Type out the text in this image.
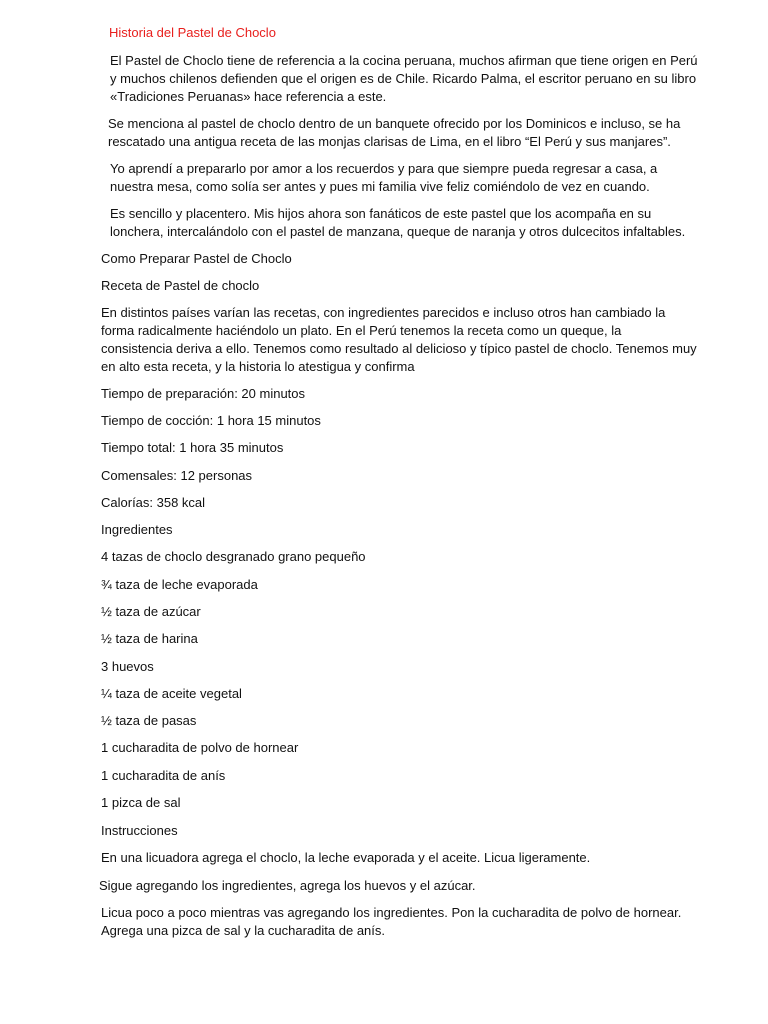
Historia del Pastel de Choclo

El Pastel de Choclo tiene de referencia a la cocina peruana, muchos afirman que tiene origen en Perú
y muchos chilenos defienden que el origen es de Chile. Ricardo Palma, el escritor peruano en su libro
«Tradiciones Peruanas» hace referencia a este.

Se menciona al pastel de choclo dentro de un banquete ofrecido por los Dominicos e incluso, se ha
rescatado una antigua receta de las monjas clarisas de Lima, en el libro “El Perú y sus manjares”.

Yo aprendí a prepararlo por amor a los recuerdos y para que siempre pueda regresar a casa, a
nuestra mesa, como solía ser antes y pues mi familia vive feliz comiéndolo de vez en cuando.

Es sencillo y placentero. Mis hijos ahora son fanáticos de este pastel que los acompaña en su
lonchera, intercalándolo con el pastel de manzana, queque de naranja y otros dulcecitos infaltables.

Como Preparar Pastel de Choclo

Receta de Pastel de choclo

En distintos países varían las recetas, con ingredientes parecidos e incluso otros han cambiado la
forma radicalmente haciéndolo un plato. En el Perú tenemos la receta como un queque, la
consistencia deriva a ello. Tenemos como resultado al delicioso y típico pastel de choclo. Tenemos muy
en alto esta receta, y la historia lo atestigua y confirma

Tiempo de preparación: 20 minutos

Tiempo de cocción: 1 hora 15 minutos

Tiempo total: 1 hora 35 minutos

Comensales: 12 personas

Calorías: 358 kcal

Ingredientes

4 tazas de choclo desgranado grano pequeño

¾ taza de leche evaporada

½ taza de azúcar

½ taza de harina

3 huevos

¼ taza de aceite vegetal

½ taza de pasas

1 cucharadita de polvo de hornear

1 cucharadita de anís

1 pizca de sal

Instrucciones

En una licuadora agrega el choclo, la leche evaporada y el aceite. Licua ligeramente.

Sigue agregando los ingredientes, agrega los huevos y el azúcar.

Licua poco a poco mientras vas agregando los ingredientes. Pon la cucharadita de polvo de hornear.
Agrega una pizca de sal y la cucharadita de anís.
